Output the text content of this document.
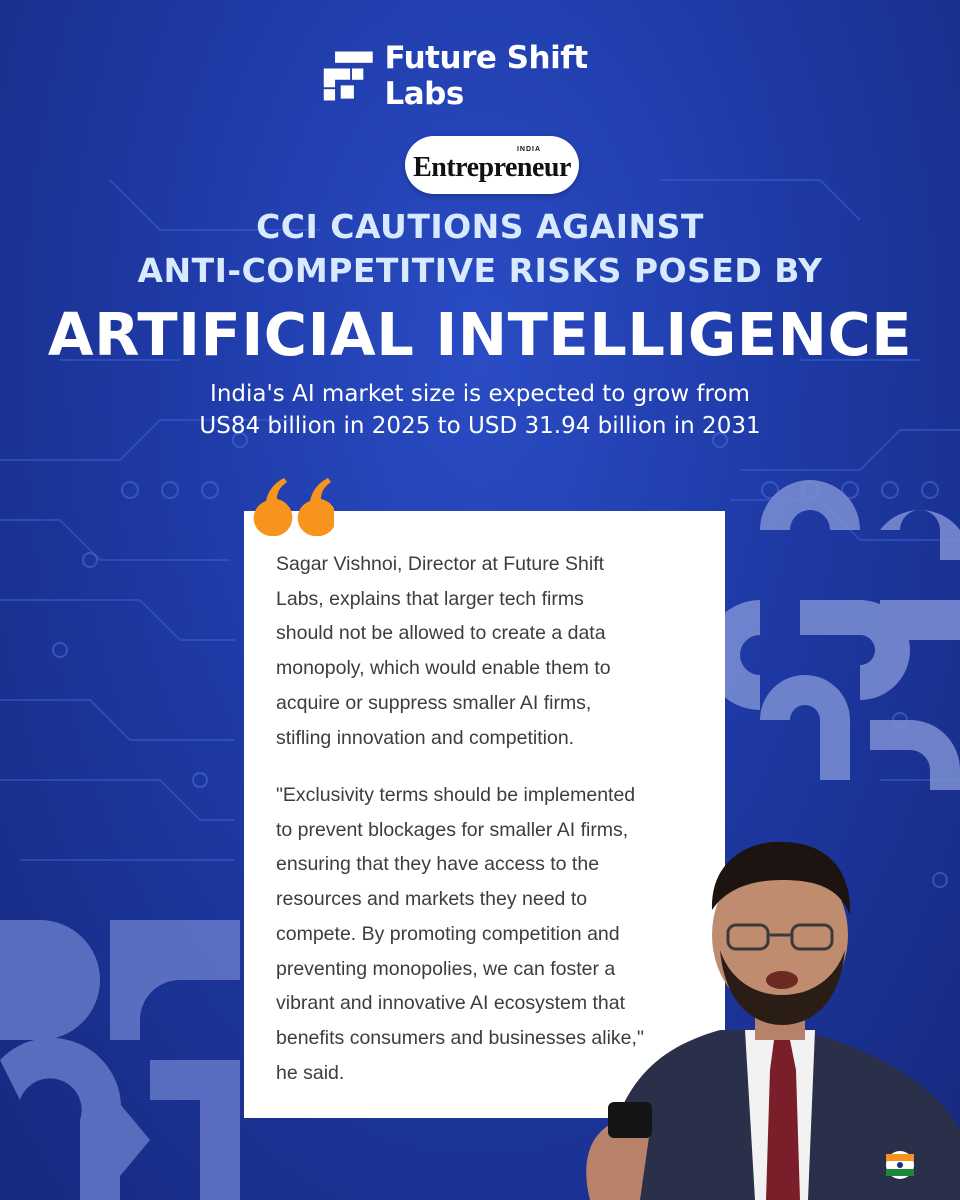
Future Shift Labs
INDIA
Entrepreneur
CCI CAUTIONS AGAINST
ANTI-COMPETITIVE RISKS POSED BY
ARTIFICIAL INTELLIGENCE
India's AI market size is expected to grow from
US84 billion in 2025 to USD 31.94 billion in 2031

Sagar Vishnoi, Director at Future Shift
Labs, explains that larger tech firms
should not be allowed to create a data
monopoly, which would enable them to
acquire or suppress smaller AI firms,
stifling innovation and competition.

"Exclusivity terms should be implemented
to prevent blockages for smaller AI firms,
ensuring that they have access to the
resources and markets they need to
compete. By promoting competition and
preventing monopolies, we can foster a
vibrant and innovative AI ecosystem that
benefits consumers and businesses alike,"
he said.
